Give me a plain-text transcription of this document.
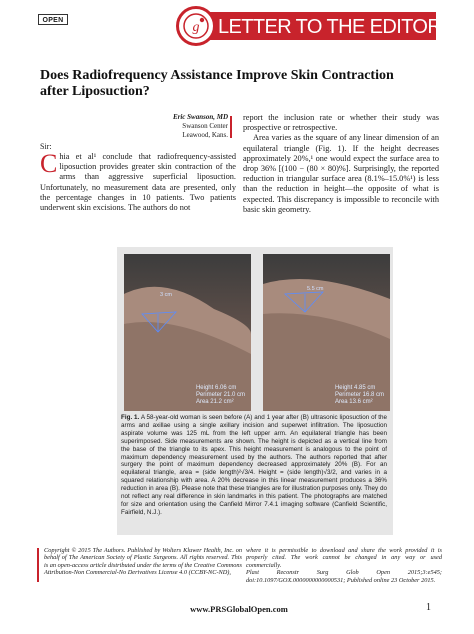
OPEN	g LETTER TO THE EDITOR
Does Radiofrequency Assistance Improve Skin Contraction after Liposuction?
Eric Swanson, MD
Swanson Center
Leawood, Kans.
Sir:

Chia et al¹ conclude that radiofrequency-assisted liposuction provides greater skin contraction of the arms than aggressive superficial liposuction. Unfortunately, no measurement data are presented, only the percentage changes in 10 patients. Two patients underwent skin excisions. The authors do not

report the inclusion rate or whether their study was prospective or retrospective.

Area varies as the square of any linear dimension of an equilateral triangle (Fig. 1). If the height decreases approximately 20%,¹ one would expect the surface area to drop 36% [(100 − (80 × 80)%]. Surprisingly, the reported reduction in triangular surface area (8.1%–15.0%¹) is less than the reduction in height—the opposite of what is expected. This discrepancy is impossible to reconcile with basic skin geometry.

3 cm
Height 6.06 cm
Perimeter 21.0 cm
Area 21.2 cm²
5.5 cm
Height 4.85 cm
Perimeter 16.8 cm
Area 13.6 cm²
Fig. 1. A 58-year-old woman is seen before (A) and 1 year after (B) ultrasonic liposuction of the arms and axillae using a single axillary incision and superwet infiltration. The liposuction aspirate volume was 125 mL from the left upper arm. An equilateral triangle has been superimposed. Side measurements are shown. The height is depicted as a vertical line from the base of the triangle to its apex. This height measurement is analogous to the point of maximum dependency measurement used by the authors. The authors reported that after surgery the point of maximum dependency decreased approximately 20% (B). For an equilateral triangle, area = (side length)²√3/4. Height = (side length)√3/2, and varies in a squared relationship with area. A 20% decrease in this linear measurement produces a 36% reduction in area (B). Please note that these triangles are for illustration purposes only. They do not reflect any real difference in skin landmarks in this patient. The photographs are matched for size and orientation using the Canfield Mirror 7.4.1 imaging software (Canfield Scientific, Fairfield, N.J.).
Copyright © 2015 The Authors. Published by Wolters Kluwer Health, Inc. on behalf of The American Society of Plastic Surgeons. All rights reserved. This is an open-access article distributed under the terms of the Creative Commons Attribution-Non Commercial-No Derivatives License 4.0 (CCBY-NC-ND),
where it is permissible to download and share the work provided it is properly cited. The work cannot be changed in any way or used commercially.
Plast Reconstr Surg Glob Open 2015;3:e545; doi:10.1097/GOX.0000000000000531; Published online 23 October 2015.
www.PRSGlobalOpen.com	1
